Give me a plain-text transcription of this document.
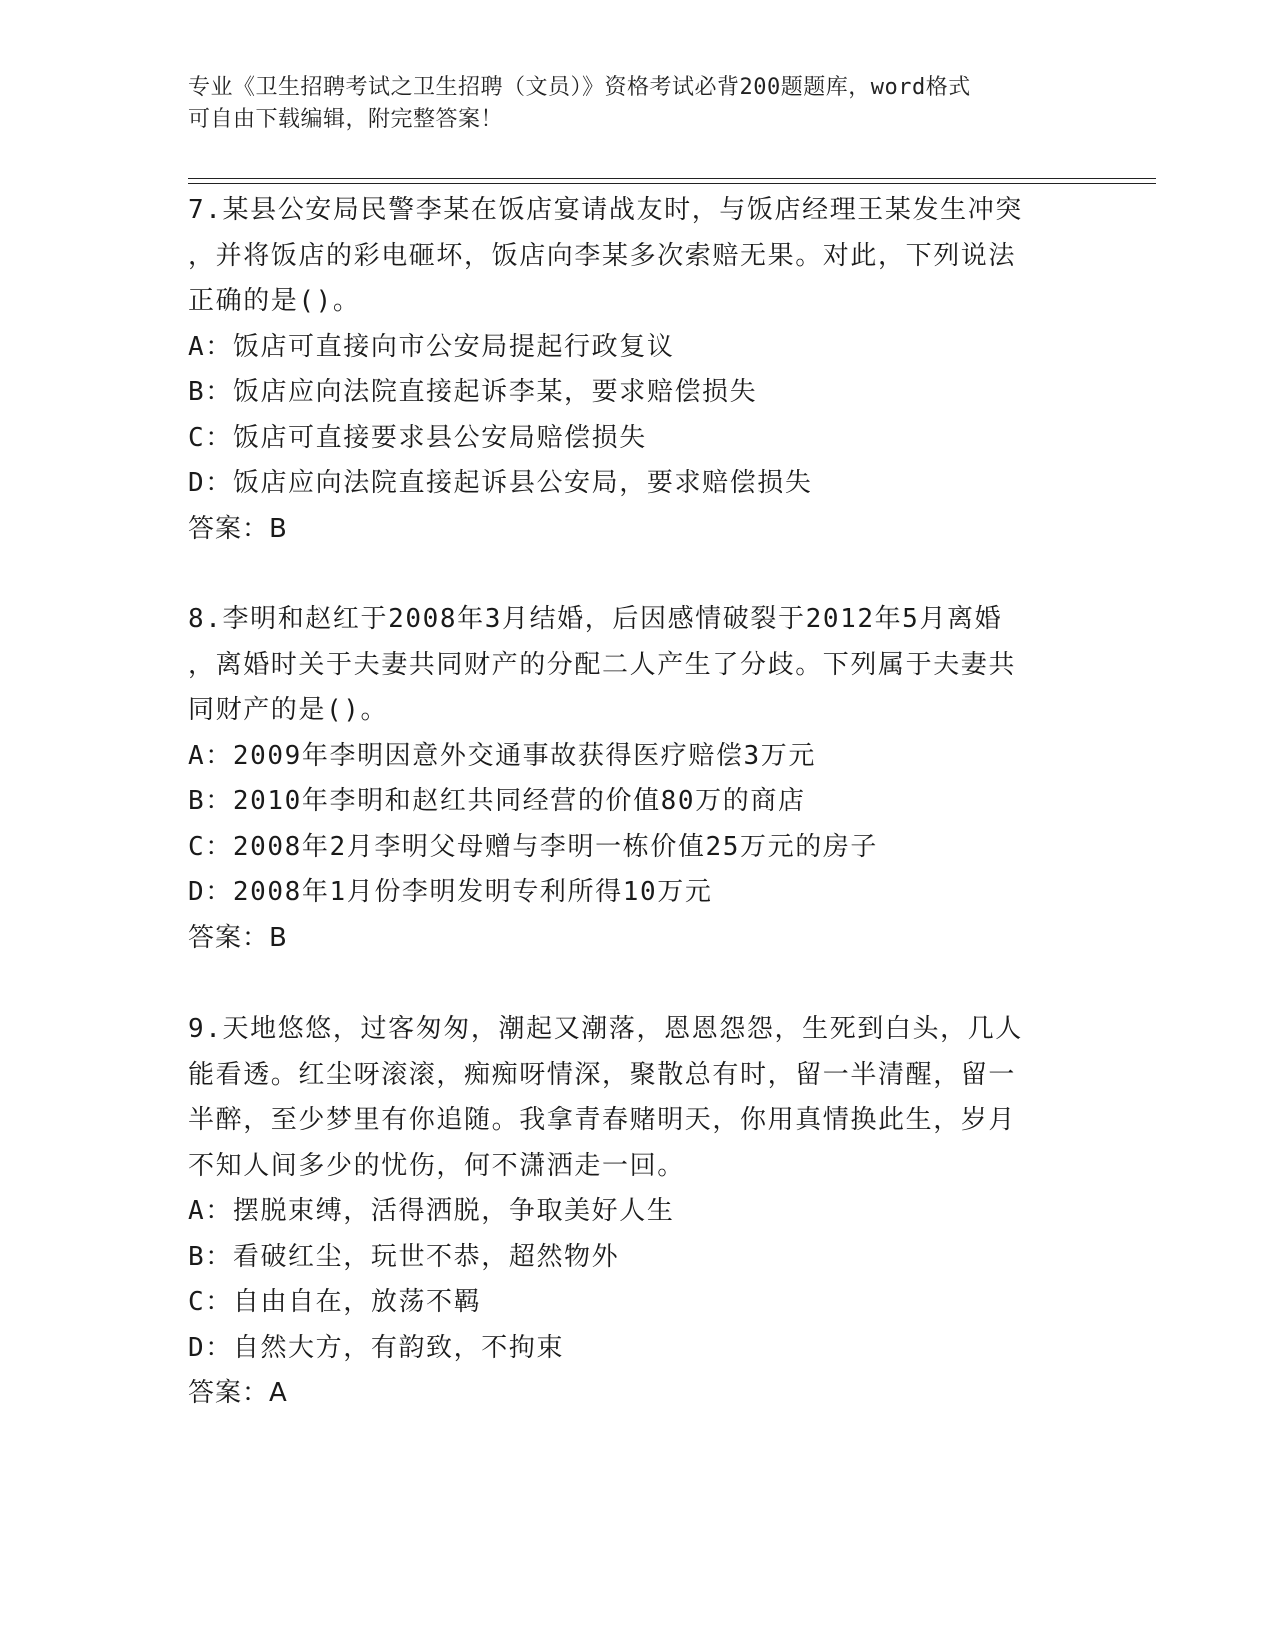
专业《卫生招聘考试之卫生招聘（文员）》资格考试必背200题题库，word格式
可自由下载编辑，附完整答案！

7.某县公安局民警李某在饭店宴请战友时，与饭店经理王某发生冲突

，并将饭店的彩电砸坏，饭店向李某多次索赔无果。对此，下列说法

正确的是()。

A：饭店可直接向市公安局提起行政复议

B：饭店应向法院直接起诉李某，要求赔偿损失

C：饭店可直接要求县公安局赔偿损失

D：饭店应向法院直接起诉县公安局，要求赔偿损失

答案：B

8.李明和赵红于2008年3月结婚，后因感情破裂于2012年5月离婚

，离婚时关于夫妻共同财产的分配二人产生了分歧。下列属于夫妻共

同财产的是()。

A：2009年李明因意外交通事故获得医疗赔偿3万元

B：2010年李明和赵红共同经营的价值80万的商店

C：2008年2月李明父母赠与李明一栋价值25万元的房子

D：2008年1月份李明发明专利所得10万元

答案：B

9.天地悠悠，过客匆匆，潮起又潮落，恩恩怨怨，生死到白头，几人

能看透。红尘呀滚滚，痴痴呀情深，聚散总有时，留一半清醒，留一

半醉，至少梦里有你追随。我拿青春赌明天，你用真情换此生，岁月

不知人间多少的忧伤，何不潇洒走一回。

A：摆脱束缚，活得洒脱，争取美好人生

B：看破红尘，玩世不恭，超然物外

C：自由自在，放荡不羁

D：自然大方，有韵致，不拘束

答案：A
